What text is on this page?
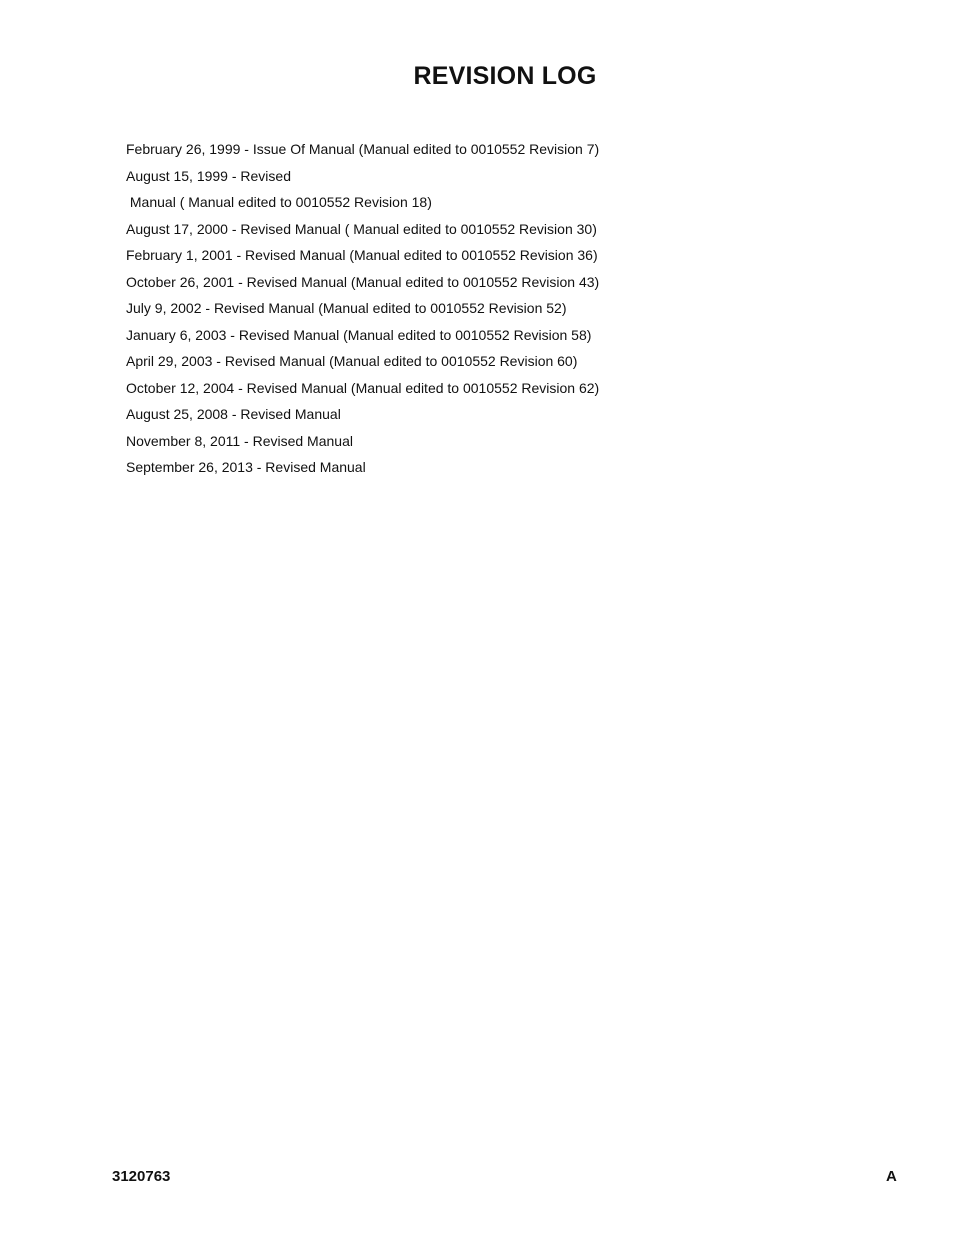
REVISION LOG
February 26, 1999 - Issue Of Manual (Manual edited to 0010552 Revision 7)
August 15, 1999 - Revised
Manual ( Manual edited to 0010552 Revision 18)
August 17, 2000 - Revised Manual ( Manual edited to 0010552 Revision 30)
February 1, 2001 - Revised Manual (Manual edited to 0010552 Revision 36)
October 26, 2001 - Revised Manual (Manual edited to 0010552 Revision 43)
July 9, 2002 - Revised Manual (Manual edited to 0010552 Revision 52)
January 6, 2003 - Revised Manual (Manual edited to 0010552 Revision 58)
April 29, 2003 - Revised Manual (Manual edited to 0010552 Revision 60)
October 12, 2004 - Revised Manual (Manual edited to 0010552 Revision 62)
August 25, 2008 - Revised Manual
November 8, 2011 - Revised Manual
September 26, 2013 - Revised Manual
3120763	A
